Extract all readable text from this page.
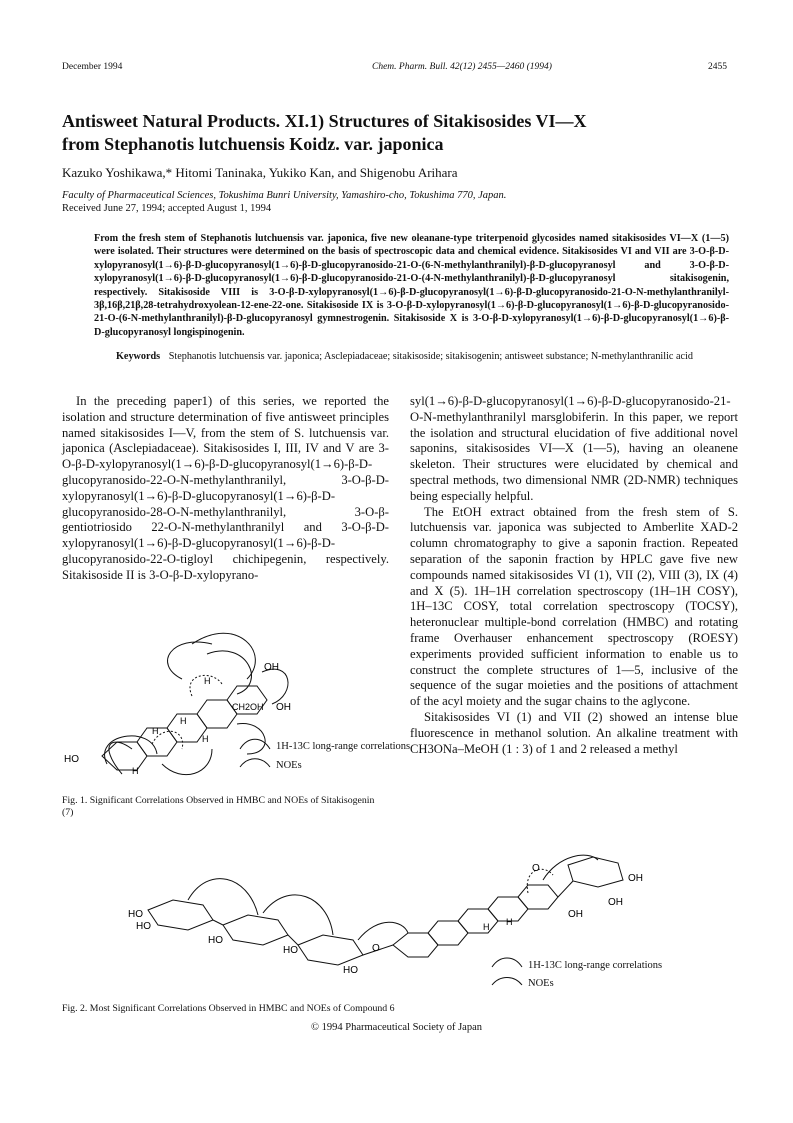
December 1994	Chem. Pharm. Bull. 42(12) 2455—2460 (1994)	2455
Antisweet Natural Products. XI.1) Structures of Sitakisosides VI—X
from Stephanotis lutchuensis Koidz. var. japonica
Kazuko Yoshikawa,* Hitomi Taninaka, Yukiko Kan, and Shigenobu Arihara
Faculty of Pharmaceutical Sciences, Tokushima Bunri University, Yamashiro-cho, Tokushima 770, Japan.
Received June 27, 1994; accepted August 1, 1994
From the fresh stem of Stephanotis lutchuensis var. japonica, five new oleanane-type triterpenoid glycosides named sitakisosides VI—X (1—5) were isolated. Their structures were determined on the basis of spectroscopic data and chemical evidence. Sitakisosides VI and VII are 3-O-β-D-xylopyranosyl(1→6)-β-D-glucopyranosyl(1→6)-β-D-glucopyranosido-21-O-(6-N-methylanthranilyl)-β-D-glucopyranosyl and 3-O-β-D-xylopyranosyl(1→6)-β-D-glucopyranosyl(1→6)-β-D-glucopyranosido-21-O-(4-N-methylanthranilyl)-β-D-glucopyranosyl sitakisogenin, respectively. Sitakisoside VIII is 3-O-β-D-xylopyranosyl(1→6)-β-D-glucopyranosyl(1→6)-β-D-glucopyranosido-21-O-N-methylanthranilyl-3β,16β,21β,28-tetrahydroxyolean-12-ene-22-one. Sitakisoside IX is 3-O-β-D-xylopyranosyl(1→6)-β-D-glucopyranosyl(1→6)-β-D-glucopyranosido-21-O-(6-N-methylanthranilyl)-β-D-glucopyranosyl gymnestrogenin. Sitakisoside X is 3-O-β-D-xylopyranosyl(1→6)-β-D-glucopyranosyl(1→6)-β-D-glucopyranosyl longispinogenin.
Keywords Stephanotis lutchuensis var. japonica; Asclepiadaceae; sitakisoside; sitakisogenin; antisweet substance; N-methylanthranilic acid

In the preceding paper1) of this series, we reported the isolation and structure determination of five antisweet principles named sitakisosides I—V, from the stem of S. lutchuensis var. japonica (Asclepiadaceae). Sitakisosides I, III, IV and V are 3-O-β-D-xylopyranosyl(1→6)-β-D-glucopyranosyl(1→6)-β-D-glucopyranosido-22-O-N-methylanthranilyl, 3-O-β-D-xylopyranosyl(1→6)-β-D-glucopyranosyl(1→6)-β-D-glucopyranosido-28-O-N-methylanthranilyl, 3-O-β-gentiotriosido 22-O-N-methylanthranilyl and 3-O-β-D-xylopyranosyl(1→6)-β-D-glucopyranosyl(1→6)-β-D-glucopyranosido-22-O-tigloyl chichipegenin, respectively. Sitakisoside II is 3-O-β-D-xylopyrano-

OH
OH
CH2OH
H
H
H
H
H
HO
1H-13C long-range correlations
NOEs
Fig. 1. Significant Correlations Observed in HMBC and NOEs of Sitakisogenin (7)

syl(1→6)-β-D-glucopyranosyl(1→6)-β-D-glucopyranosido-21-O-N-methylanthranilyl marsglobiferin. In this paper, we report the isolation and structural elucidation of five additional novel saponins, sitakisosides VI—X (1—5), having an oleanene skeleton. Their structures were elucidated by chemical and spectral methods, two dimensional NMR (2D-NMR) techniques being especially helpful.

The EtOH extract obtained from the fresh stem of S. lutchuensis var. japonica was subjected to Amberlite XAD-2 column chromatography to give a saponin fraction. Repeated separation of the saponin fraction by HPLC gave five new compounds named sitakisosides VI (1), VII (2), VIII (3), IX (4) and X (5). 1H–1H correlation spectroscopy (1H–1H COSY), 1H–13C COSY, total correlation spectroscopy (TOCSY), heteronuclear multiple-bond correlation (HMBC) and rotating frame Overhauser enhancement spectroscopy (ROESY) experiments provided sufficient information to enable us to construct the complete structures of 1—5, inclusive of the sequence of the sugar moieties and the positions of attachment of the acyl moiety and the sugar chains to the aglycone.

Sitakisosides VI (1) and VII (2) showed an intense blue fluorescence in methanol solution. An alkaline treatment with CH3ONa–MeOH (1 : 3) of 1 and 2 released a methyl

HO
HO
HO
HO
HO
O
O
OH
OH
OH
H H
1H-13C long-range correlations
NOEs
Fig. 2. Most Significant Correlations Observed in HMBC and NOEs of Compound 6
© 1994 Pharmaceutical Society of Japan
